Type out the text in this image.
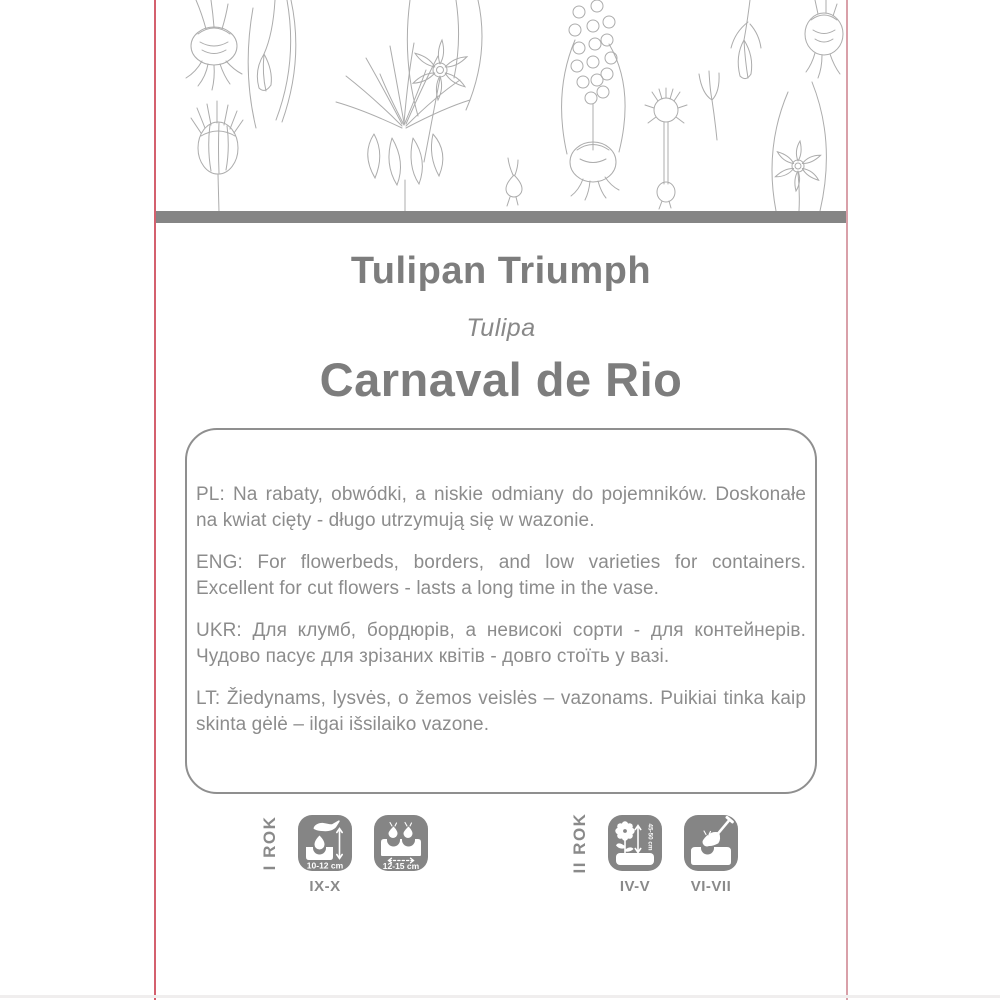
Tulipan Triumph
Tulipa
Carnaval de Rio

PL: Na rabaty, obwódki, a niskie odmiany do pojemników. Doskonałe na kwiat cięty - długo utrzymują się w wazonie.

ENG: For flowerbeds, borders, and low varieties for containers. Excellent for cut flowers - lasts a long time in the vase.

UKR: Для клумб, бордюрів, а невисокі сорти - для контейнерів. Чудово пасує для зрізаних квітів - довго стоїть у вазі.

LT: Žiedynams, lysvės, o žemos veislės – vazonams. Puikiai tinka kaip skinta gėlė – ilgai išsilaiko vazone.

I ROK	10-12 cm
IX-X
12-15 cm	II ROK	45-50 cm
IV-V	VI-VII
